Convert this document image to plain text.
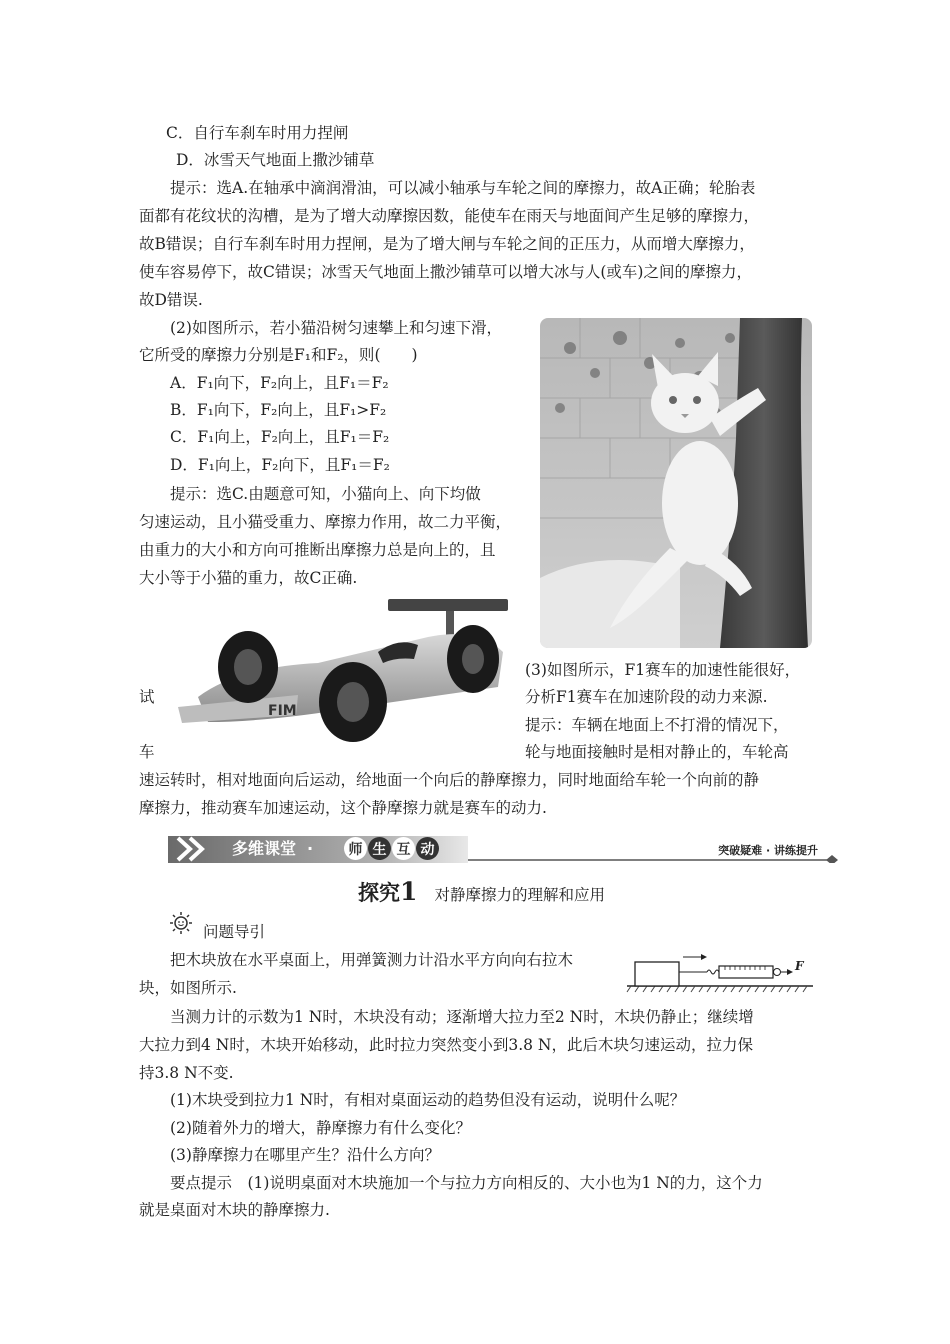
C．自行车刹车时用力捏闸
D．冰雪天气地面上撒沙铺草
提示：选A.在轴承中滴润滑油，可以减小轴承与车轮之间的摩擦力，故A正确；轮胎表
面都有花纹状的沟槽，是为了增大动摩擦因数，能使车在雨天与地面间产生足够的摩擦力，
故B错误；自行车刹车时用力捏闸，是为了增大闸与车轮之间的正压力，从而增大摩擦力，
使车容易停下，故C错误；冰雪天气地面上撒沙铺草可以增大冰与人(或车)之间的摩擦力，
故D错误.
(2)如图所示，若小猫沿树匀速攀上和匀速下滑，
它所受的摩擦力分别是F₁和F₂，则(　　)
A．F₁向下，F₂向上，且F₁＝F₂
B．F₁向下，F₂向上，且F₁>F₂
C．F₁向上，F₂向上，且F₁＝F₂
D．F₁向上，F₂向下，且F₁＝F₂
提示：选C.由题意可知，小猫向上、向下均做
匀速运动，且小猫受重力、摩擦力作用，故二力平衡，
由重力的大小和方向可推断出摩擦力总是向上的，且
大小等于小猫的重力，故C正确.
FIM
试
车
(3)如图所示，F1赛车的加速性能很好，
分析F1赛车在加速阶段的动力来源.
提示：车辆在地面上不打滑的情况下，
轮与地面接触时是相对静止的，车轮高
速运转时，相对地面向后运动，给地面一个向后的静摩擦力，同时地面给车轮一个向前的静
摩擦力，推动赛车加速运动，这个静摩擦力就是赛车的动力.
多维课堂 ·	师 生 互 动	突破疑难 · 讲练提升
探究1 对静摩擦力的理解和应用
问题导引
把木块放在水平桌面上，用弹簧测力计沿水平方向向右拉木
块，如图所示.
F
当测力计的示数为1 N时，木块没有动；逐渐增大拉力至2 N时，木块仍静止；继续增
大拉力到4 N时，木块开始移动，此时拉力突然变小到3.8 N，此后木块匀速运动，拉力保
持3.8 N不变.
(1)木块受到拉力1 N时，有相对桌面运动的趋势但没有运动，说明什么呢？
(2)随着外力的增大，静摩擦力有什么变化？
(3)静摩擦力在哪里产生？沿什么方向？
要点提示　(1)说明桌面对木块施加一个与拉力方向相反的、大小也为1 N的力，这个力
就是桌面对木块的静摩擦力.
